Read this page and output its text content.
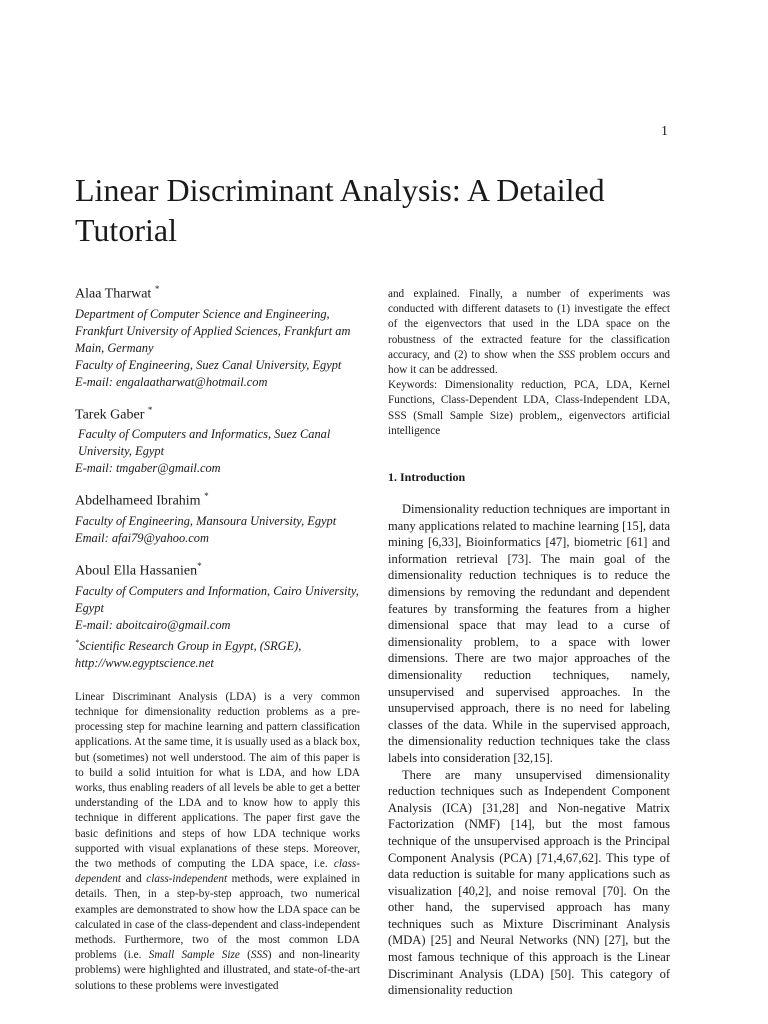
1
Linear Discriminant Analysis: A Detailed Tutorial
Alaa Tharwat *
Department of Computer Science and Engineering, Frankfurt University of Applied Sciences, Frankfurt am Main, Germany
Faculty of Engineering, Suez Canal University, Egypt
E-mail: engalaatharwat@hotmail.com
Tarek Gaber *
Faculty of Computers and Informatics, Suez Canal University, Egypt
E-mail: tmgaber@gmail.com
Abdelhameed Ibrahim *
Faculty of Engineering, Mansoura University, Egypt
Email: afai79@yahoo.com
Aboul Ella Hassanien*
Faculty of Computers and Information, Cairo University, Egypt
E-mail: aboitcairo@gmail.com
*Scientific Research Group in Egypt, (SRGE), http://www.egyptscience.net

Linear Discriminant Analysis (LDA) is a very common technique for dimensionality reduction problems as a pre-processing step for machine learning and pattern classification applications. At the same time, it is usually used as a black box, but (sometimes) not well understood. The aim of this paper is to build a solid intuition for what is LDA, and how LDA works, thus enabling readers of all levels be able to get a better understanding of the LDA and to know how to apply this technique in different applications. The paper first gave the basic definitions and steps of how LDA technique works supported with visual explanations of these steps. Moreover, the two methods of computing the LDA space, i.e. class-dependent and class-independent methods, were explained in details. Then, in a step-by-step approach, two numerical examples are demonstrated to show how the LDA space can be calculated in case of the class-dependent and class-independent methods. Furthermore, two of the most common LDA problems (i.e. Small Sample Size (SSS) and non-linearity problems) were highlighted and illustrated, and state-of-the-art solutions to these problems were investigated

and explained. Finally, a number of experiments was conducted with different datasets to (1) investigate the effect of the eigenvectors that used in the LDA space on the robustness of the extracted feature for the classification accuracy, and (2) to show when the SSS problem occurs and how it can be addressed.

Keywords: Dimensionality reduction, PCA, LDA, Kernel Functions, Class-Dependent LDA, Class-Independent LDA, SSS (Small Sample Size) problem,, eigenvectors artificial intelligence

1. Introduction

Dimensionality reduction techniques are important in many applications related to machine learning [15], data mining [6,33], Bioinformatics [47], biometric [61] and information retrieval [73]. The main goal of the dimensionality reduction techniques is to reduce the dimensions by removing the redundant and dependent features by transforming the features from a higher dimensional space that may lead to a curse of dimensionality problem, to a space with lower dimensions. There are two major approaches of the dimensionality reduction techniques, namely, unsupervised and supervised approaches. In the unsupervised approach, there is no need for labeling classes of the data. While in the supervised approach, the dimensionality reduction techniques take the class labels into consideration [32,15].

There are many unsupervised dimensionality reduction techniques such as Independent Component Analysis (ICA) [31,28] and Non-negative Matrix Factorization (NMF) [14], but the most famous technique of the unsupervised approach is the Principal Component Analysis (PCA) [71,4,67,62]. This type of data reduction is suitable for many applications such as visualization [40,2], and noise removal [70]. On the other hand, the supervised approach has many techniques such as Mixture Discriminant Analysis (MDA) [25] and Neural Networks (NN) [27], but the most famous technique of this approach is the Linear Discriminant Analysis (LDA) [50]. This category of dimensionality reduction
